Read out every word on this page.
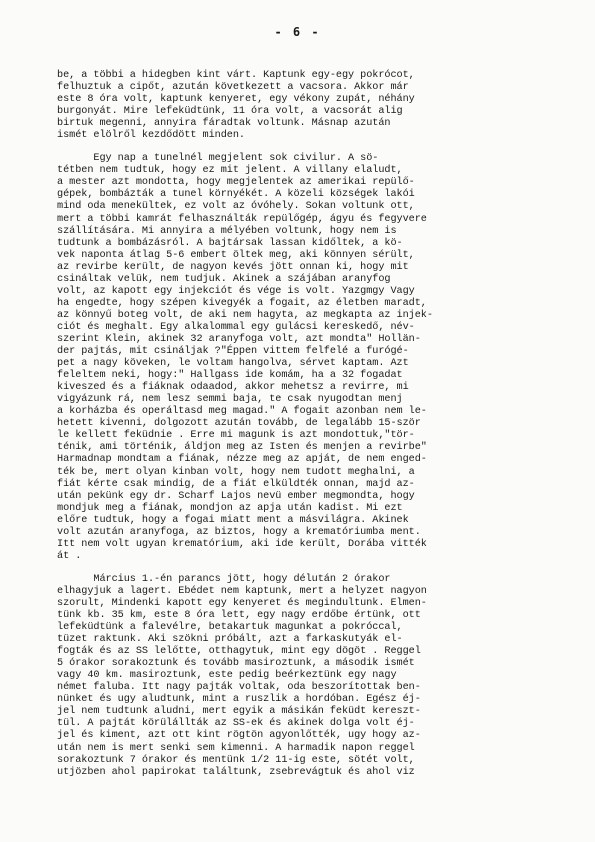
- 6 -
be, a többi a hidegben kint várt. Kaptunk egy-egy pokrócot,
felhuztuk a cipőt, azután következett a vacsora. Akkor már
este 8 óra volt, kaptunk kenyeret, egy vékony zupát, néhány
burgonyát. Mire lefeküdtünk, 11 óra volt, a vacsorát alig
birtuk megenni, annyira fáradtak voltunk. Másnap azután
ismét elölről kezdődött minden.
Egy nap a tunelnél megjelent sok civilur. A sö-
tétben nem tudtuk, hogy ez mit jelent. A villany elaludt,
a mester azt mondotta, hogy megjelentek az amerikai repülő-
gépek, bombázták a tunel környékét. A közeli községek lakói
mind oda menekültek, ez volt az óvóhely. Sokan voltunk ott,
mert a többi kamrát felhasználták repülőgép, ágyu és fegyvere
szállítására. Mi annyira a mélyében voltunk, hogy nem is
tudtunk a bombázásról. A bajtársak lassan kidőltek, a kö-
vek naponta átlag 5-6 embert öltek meg, aki könnyen sérült,
az revirbe került, de nagyon kevés jött onnan ki, hogy mit
csináltak velük, nem tudjuk. Akinek a szájában aranyfog
volt, az kapott egy injekciót és vége is volt. Yazgmgy Vagy
ha engedte, hogy szépen kivegyék a fogait, az életben maradt,
az könnyű boteg volt, de aki nem hagyta, az megkapta az injek-
ciót és meghalt. Egy alkalommal egy gulácsi kereskedő, név-
szerint Klein, akinek 32 aranyfoga volt, azt mondta" Hollän-
der pajtás, mit csináljak ?"Éppen vittem felfelé a furógé-
pet a nagy köveken, le voltam hangolva, sérvet kaptam. Azt
feleltem neki, hogy:" Hallgass ide komám, ha a 32 fogadat
kiveszed és a fiáknak odaadod, akkor mehetsz a revirre, mi
vigyázunk rá, nem lesz semmi baja, te csak nyugodtan menj
a korházba és operáltasd meg magad." A fogait azonban nem le-
hetett kivenni, dolgozott azután tovább, de legalább 15-ször
le kellett feküdnie . Erre mi magunk is azt mondottuk,"tör-
ténik, ami történik, áldjon meg az Isten és menjen a revirbe"
Harmadnap mondtam a fiának, nézze meg az apját, de nem enged-
ték be, mert olyan kinban volt, hogy nem tudott meghalni, a
fiát kérte csak mindig, de a fiát elküldték onnan, majd az-
után pekünk egy dr. Scharf Lajos nevü ember megmondta, hogy
mondjuk meg a fiának, mondjon az apja után kadist. Mi ezt
előre tudtuk, hogy a fogai miatt ment a másvilágra. Akinek
volt azután aranyfoga, az biztos, hogy a krematóriumba ment.
Itt nem volt ugyan krematórium, aki ide került, Dorába vitték
át .
Március 1.-én parancs jött, hogy délután 2 órakor
elhagyjuk a lagert. Ebédet nem kaptunk, mert a helyzet nagyon
szorult, Mindenki kapott egy kenyeret és megindultunk. Elmen-
tünk kb. 35 km, este 8 óra lett, egy nagy erdőbe értünk, ott
lefeküdtünk a falevélre, betakartuk magunkat a pokróccal,
tüzet raktunk. Aki szökni próbált, azt a farkaskutyák el-
fogták és az SS lelőtte, otthagytuk, mint egy dögöt . Reggel
5 órakor sorakoztunk és tovább masiroztunk, a második ismét
vagy 40 km. masiroztunk, este pedig beérkeztünk egy nagy
német faluba. Itt nagy pajták voltak, oda beszorítottak ben-
nünket és ugy aludtunk, mint a ruszlik a hordóban. Egész éj-
jel nem tudtunk aludni, mert egyik a másikán feküdt kereszt-
tül. A pajtát körülállták az SS-ek és akinek dolga volt éj-
jel és kiment, azt ott kint rögtön agyonlőtték, ugy hogy az-
után nem is mert senki sem kimenni. A harmadik napon reggel
sorakoztunk 7 órakor és mentünk 1/2 11-ig este, sötét volt,
utjözben ahol papirokat találtunk, zsebrevágtuk és ahol viz
